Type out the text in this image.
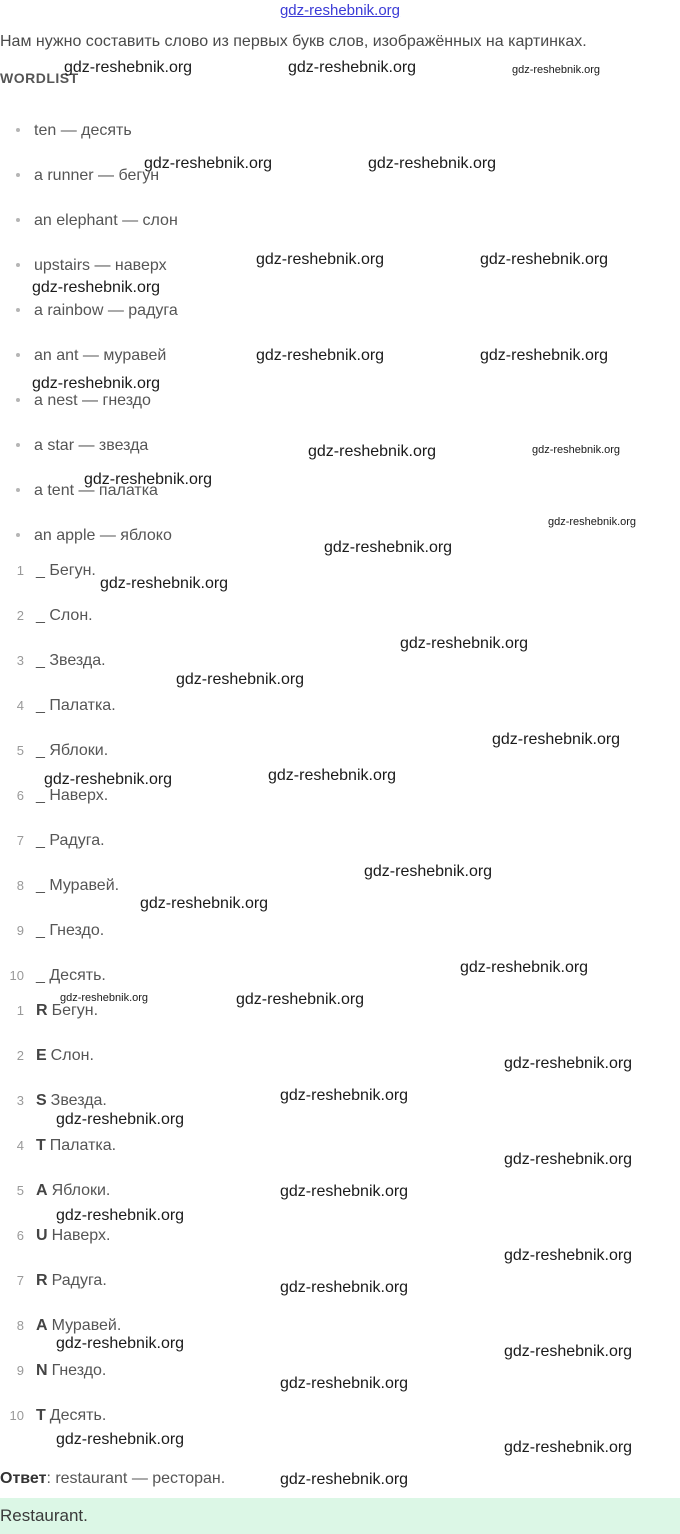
gdz-reshebnik.org
Нам нужно составить слово из первых букв слов, изображённых на картинках.
WORDLIST
ten — десять
a runner — бегун
an elephant — слон
upstairs — наверх
a rainbow — радуга
an ant — муравей
a nest — гнездо
a star — звезда
a tent — палатка
an apple — яблоко
1 _ Бегун.
2 _ Слон.
3 _ Звезда.
4 _ Палатка.
5 _ Яблоки.
6 _ Наверх.
7 _ Радуга.
8 _ Муравей.
9 _ Гнездо.
10 _ Десять.
1 R Бегун.
2 E Слон.
3 S Звезда.
4 T Палатка.
5 A Яблоки.
6 U Наверх.
7 R Радуга.
8 A Муравей.
9 N Гнездо.
10 T Десять.
Ответ: restaurant — ресторан.
Restaurant.
gdz-reshebnik.org	gdz-reshebnik.org	gdz-reshebnik.org
gdz-reshebnik.org	gdz-reshebnik.org
gdz-reshebnik.org	gdz-reshebnik.org
gdz-reshebnik.org
gdz-reshebnik.org	gdz-reshebnik.org
gdz-reshebnik.org
gdz-reshebnik.org	gdz-reshebnik.org
gdz-reshebnik.org
gdz-reshebnik.org
gdz-reshebnik.org
gdz-reshebnik.org
gdz-reshebnik.org
gdz-reshebnik.org
gdz-reshebnik.org
gdz-reshebnik.org
gdz-reshebnik.org
gdz-reshebnik.org
gdz-reshebnik.org
gdz-reshebnik.org
gdz-reshebnik.org	gdz-reshebnik.org
gdz-reshebnik.org
gdz-reshebnik.org
gdz-reshebnik.org
gdz-reshebnik.org
gdz-reshebnik.org
gdz-reshebnik.org
gdz-reshebnik.org
gdz-reshebnik.org
gdz-reshebnik.org	gdz-reshebnik.org
gdz-reshebnik.org
gdz-reshebnik.org	gdz-reshebnik.org
gdz-reshebnik.org
